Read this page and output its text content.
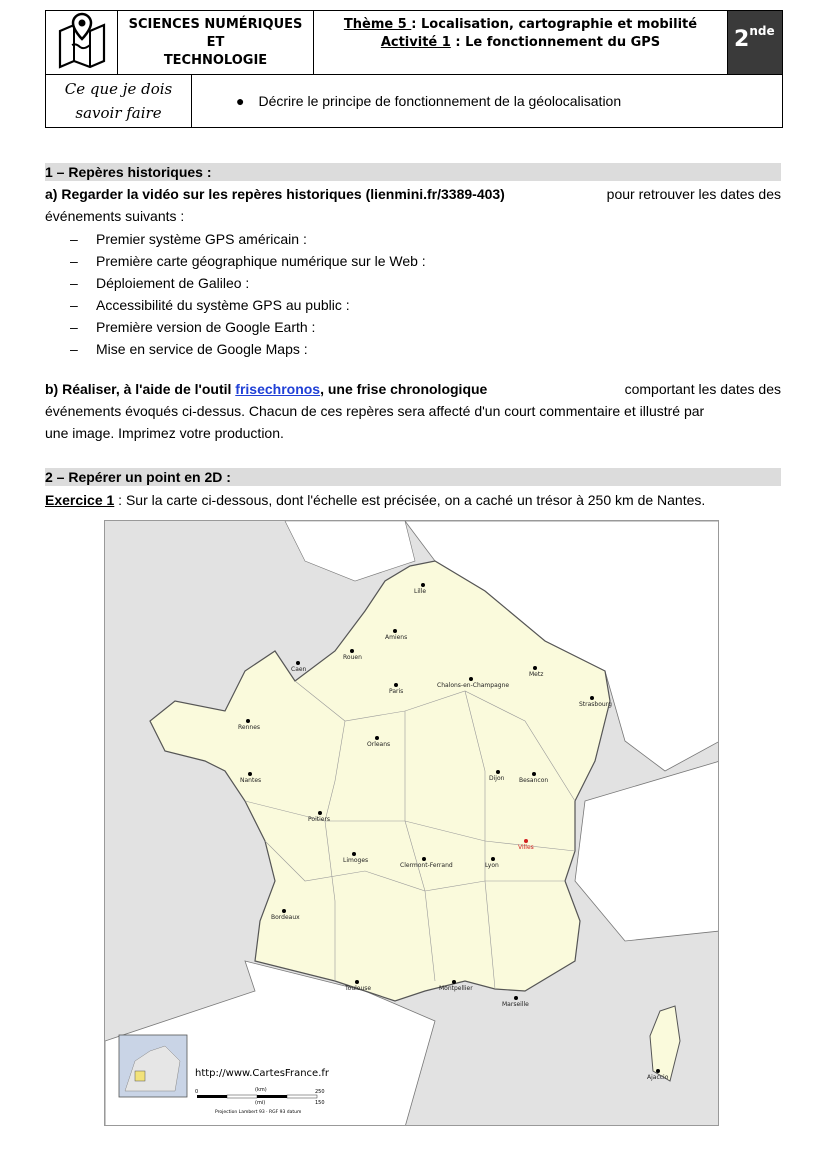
SCIENCES NUMÉRIQUES ET
TECHNOLOGIE
Thème 5 : Localisation, cartographie et mobilité
Activité 1 : Le fonctionnement du GPS	2nde
Ce que je dois
savoir faire
● Décrire le principe de fonctionnement de la géolocalisation
1 – Repères historiques :
a) Regarder la vidéo sur les repères historiques (lienmini.fr/3389-403)	pour retrouver les dates des
événements suivants :
–	Premier système GPS américain :
–	Première carte géographique numérique sur le Web :
–	Déploiement de Galileo :
–	Accessibilité du système GPS au public :
–	Première version de Google Earth :
–	Mise en service de Google Maps :
b) Réaliser, à l'aide de l'outil frisechronos, une frise chronologique	comportant les dates des
événements évoqués ci-dessus. Chacun de ces repères sera affecté d'un court commentaire et illustré par
une image. Imprimez votre production.
2 – Repérer un point en 2D :
Exercice 1 : Sur la carte ci-dessous, dont l'échelle est précisée, on a caché un trésor à 250 km de Nantes.
Lille
Amiens
Rouen
Caen
Paris
Chalons-en-Champagne
Metz
Strasbourg
Rennes
Orleans
Nantes	Dijon Besancon
Poitiers
Villes
Limoges
Clermont-Ferrand	Lyon
Bordeaux
Toulouse	Montpellier
Marseille
Ajaccio
http://www.CartesFrance.fr
0	(km)	250
(mi)	150
Projection Lambert 93 · RGF 93 datum
